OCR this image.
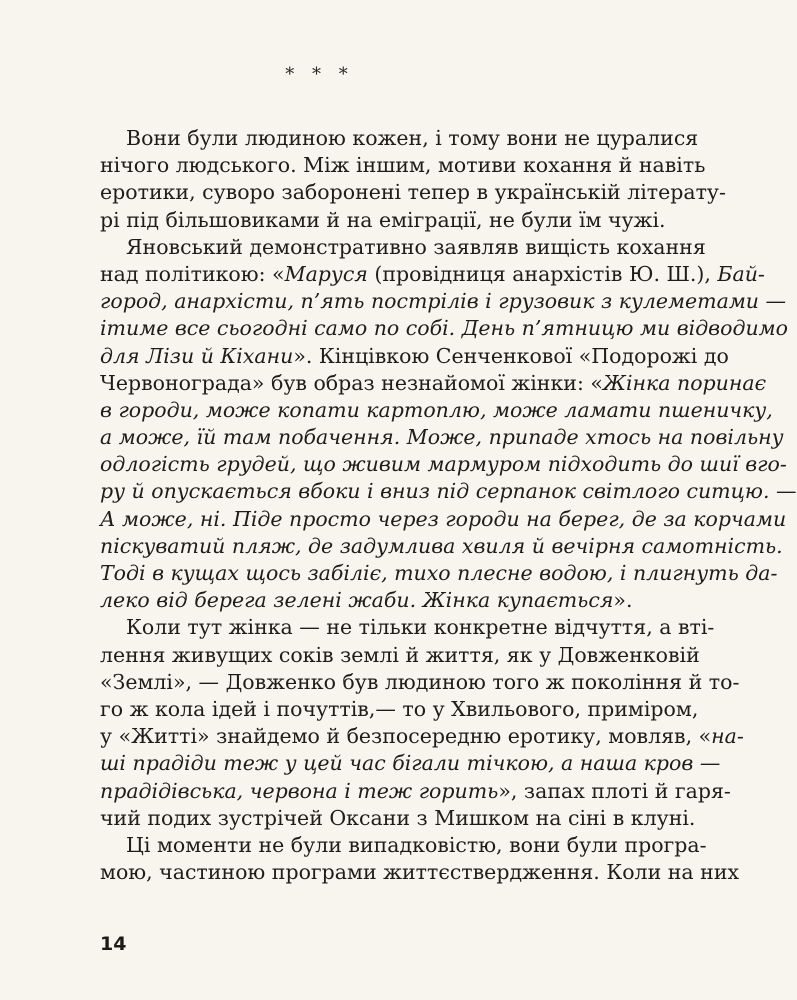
* * *
Вони були людиною кожен, і тому вони не цуралися
нічого людського. Між іншим, мотиви кохання й навіть
еротики, суворо заборонені тепер в українській літерату-
рі під більшовиками й на еміграції, не були їм чужі.
Яновський демонстративно заявляв вищість кохання
над політикою: «Маруся (провідниця анархістів Ю. Ш.), Бай-
город, анархісти, п’ять пострілів і грузовик з кулеметами —
ітиме все сьогодні само по собі. День п’ятницю ми відводимо
для Лізи й Кіхани». Кінцівкою Сенченкової «Подорожі до
Червонограда» був образ незнайомої жінки: «Жінка поринає
в городи, може копати картоплю, може ламати пшеничку,
а може, їй там побачення. Може, припаде хтось на повільну
одлогість грудей, що живим мармуром підходить до шиї вго-
ру й опускається вбоки і вниз під серпанок світлого ситцю. —
А може, ні. Піде просто через городи на берег, де за корчами
піскуватий пляж, де задумлива хвиля й вечірня самотність.
Тоді в кущах щось забіліє, тихо плесне водою, і плигнуть да-
леко від берега зелені жаби. Жінка купається».
Коли тут жінка — не тільки конкретне відчуття, а вті-
лення живущих соків землі й життя, як у Довженковій
«Землі», — Довженко був людиною того ж покоління й то-
го ж кола ідей і почуттів,— то у Хвильового, приміром,
у «Житті» знайдемо й безпосередню еротику, мовляв, «на-
ші прадіди теж у цей час бігали тічкою, а наша кров —
прадідівська, червона і теж горить», запах плоті й гаря-
чий подих зустрічей Оксани з Мишком на сіні в клуні.
Ці моменти не були випадковістю, вони були програ-
мою, частиною програми життєствердження. Коли на них
14
